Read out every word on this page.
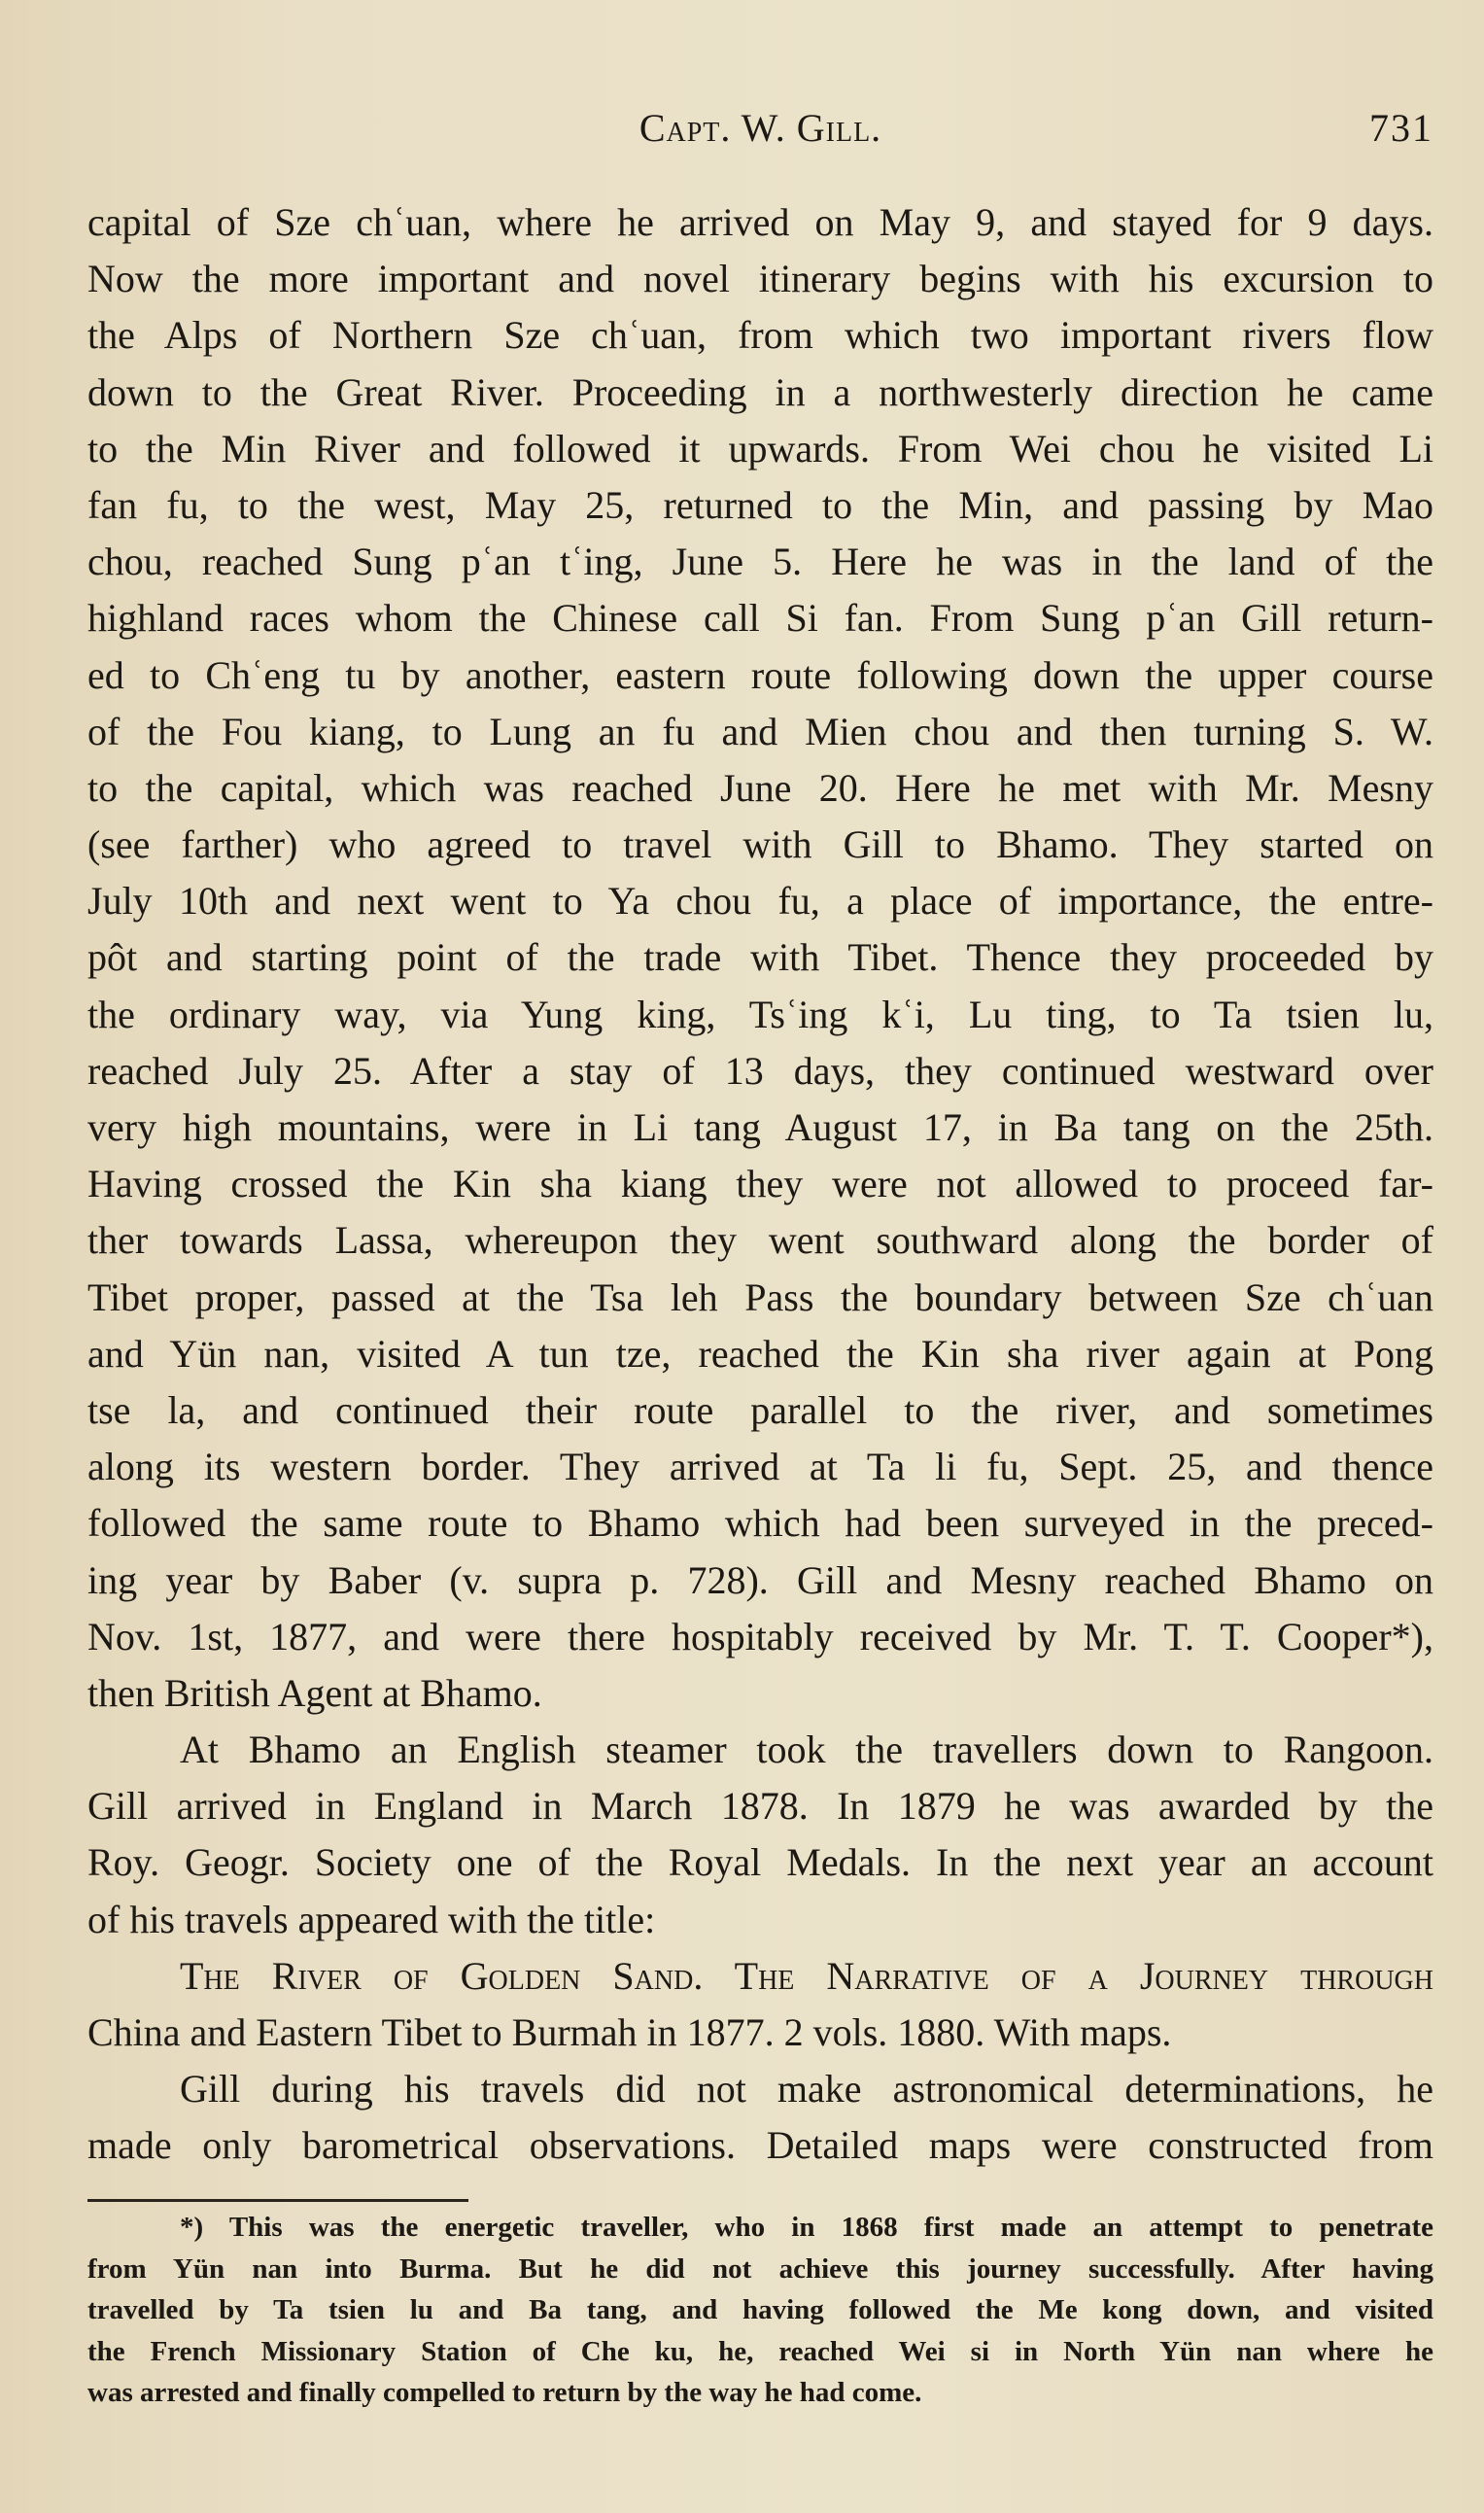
Capt. W. Gill.	731
capital of Sze chʿuan, where he arrived on May 9, and stayed for 9 days.
Now the more important and novel itinerary begins with his excursion to
the Alps of Northern Sze chʿuan, from which two important rivers flow
down to the Great River. Proceeding in a northwesterly direction he came
to the Min River and followed it upwards. From Wei chou he visited Li
fan fu, to the west, May 25, returned to the Min, and passing by Mao
chou, reached Sung pʿan tʿing, June 5. Here he was in the land of the
highland races whom the Chinese call Si fan. From Sung pʿan Gill return-
ed to Chʿeng tu by another, eastern route following down the upper course
of the Fou kiang, to Lung an fu and Mien chou and then turning S. W.
to the capital, which was reached June 20. Here he met with Mr. Mesny
(see farther) who agreed to travel with Gill to Bhamo. They started on
July 10th and next went to Ya chou fu, a place of importance, the entre-
pôt and starting point of the trade with Tibet. Thence they proceeded by
the ordinary way, via Yung king, Tsʿing kʿi, Lu ting, to Ta tsien lu,
reached July 25. After a stay of 13 days, they continued westward over
very high mountains, were in Li tang August 17, in Ba tang on the 25th.
Having crossed the Kin sha kiang they were not allowed to proceed far-
ther towards Lassa, whereupon they went southward along the border of
Tibet proper, passed at the Tsa leh Pass the boundary between Sze chʿuan
and Yün nan, visited A tun tze, reached the Kin sha river again at Pong
tse la, and continued their route parallel to the river, and sometimes
along its western border. They arrived at Ta li fu, Sept. 25, and thence
followed the same route to Bhamo which had been surveyed in the preced-
ing year by Baber (v. supra p. 728). Gill and Mesny reached Bhamo on
Nov. 1st, 1877, and were there hospitably received by Mr. T. T. Cooper*),
then British Agent at Bhamo.
At Bhamo an English steamer took the travellers down to Rangoon.
Gill arrived in England in March 1878. In 1879 he was awarded by the
Roy. Geogr. Society one of the Royal Medals. In the next year an account
of his travels appeared with the title:
The River of Golden Sand. The Narrative of a Journey through
China and Eastern Tibet to Burmah in 1877. 2 vols. 1880. With maps.
Gill during his travels did not make astronomical determinations, he
made only barometrical observations. Detailed maps were constructed from
*) This was the energetic traveller, who in 1868 first made an attempt to penetrate
from Yün nan into Burma. But he did not achieve this journey successfully. After having
travelled by Ta tsien lu and Ba tang, and having followed the Me kong down, and visited
the French Missionary Station of Che ku, he, reached Wei si in North Yün nan where he
was arrested and finally compelled to return by the way he had come.
